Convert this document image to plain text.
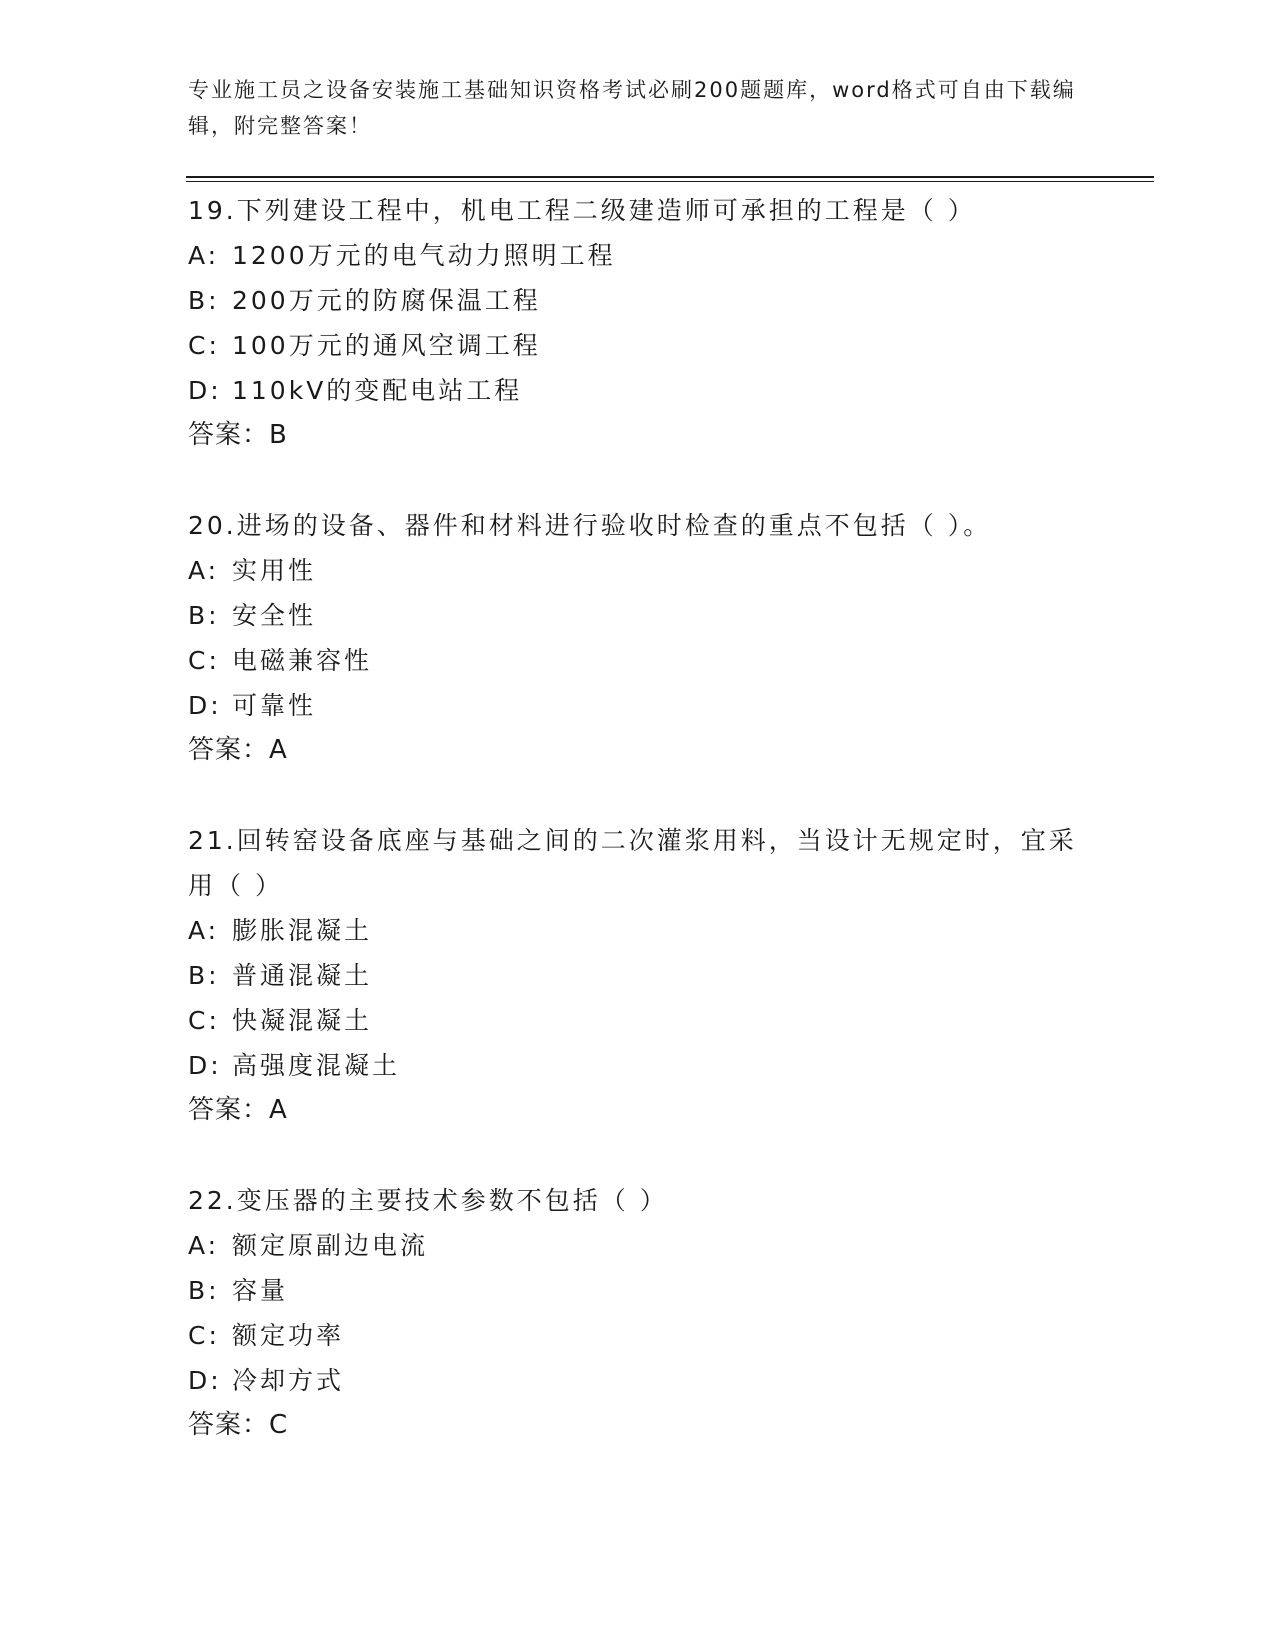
专业施工员之设备安装施工基础知识资格考试必刷200题题库，word格式可自由下载编辑，附完整答案！
19.下列建设工程中，机电工程二级建造师可承担的工程是（ ）
A: 1200万元的电气动力照明工程
B: 200万元的防腐保温工程
C: 100万元的通风空调工程
D: 110kV的变配电站工程
答案：B
20.进场的设备、器件和材料进行验收时检查的重点不包括（ ）。
A: 实用性
B: 安全性
C: 电磁兼容性
D: 可靠性
答案：A
21.回转窑设备底座与基础之间的二次灌浆用料，当设计无规定时，宜采用（ ）
A: 膨胀混凝土
B: 普通混凝土
C: 快凝混凝土
D: 高强度混凝土
答案：A
22.变压器的主要技术参数不包括（ ）
A: 额定原副边电流
B: 容量
C: 额定功率
D: 冷却方式
答案：C
